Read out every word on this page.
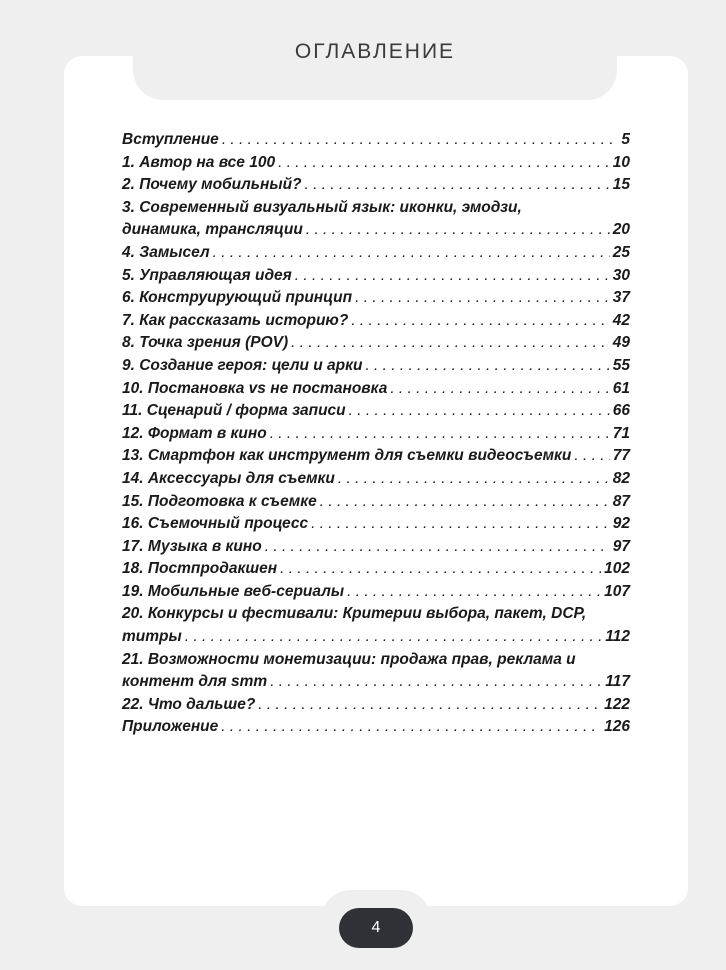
ОГЛАВЛЕНИЕ
Вступление . . .	5
1. Автор на все 100 . . .	10
2. Почему мобильный? . . .	15
3. Современный визуальный язык: иконки, эмодзи,
динамика, трансляции . . .	20
4. Замысел . . .	25
5. Управляющая идея . . .	30
6. Конструирующий принцип . . .	37
7. Как рассказать историю? . . .	42
8. Точка зрения (POV) . . .	49
9. Создание героя: цели и арки . . .	55
10. Постановка vs не постановка . . .	61
11. Сценарий / форма записи . . .	66
12. Формат в кино . . .	71
13. Смартфон как инструмент для съемки видеосъемки . . .	77
14. Аксессуары для съемки . . .	82
15. Подготовка к съемке . . .	87
16. Съемочный процесс . . .	92
17. Музыка в кино . . .	97
18. Постпродакшен . . .	102
19. Мобильные веб-сериалы . . .	107
20. Конкурсы и фестивали: Критерии выбора, пакет, DCP,
титры . . .	112
21. Возможности монетизации: продажа прав, реклама и
контент для smm . . .	117
22. Что дальше? . . .	122
Приложение . . .	126
4
